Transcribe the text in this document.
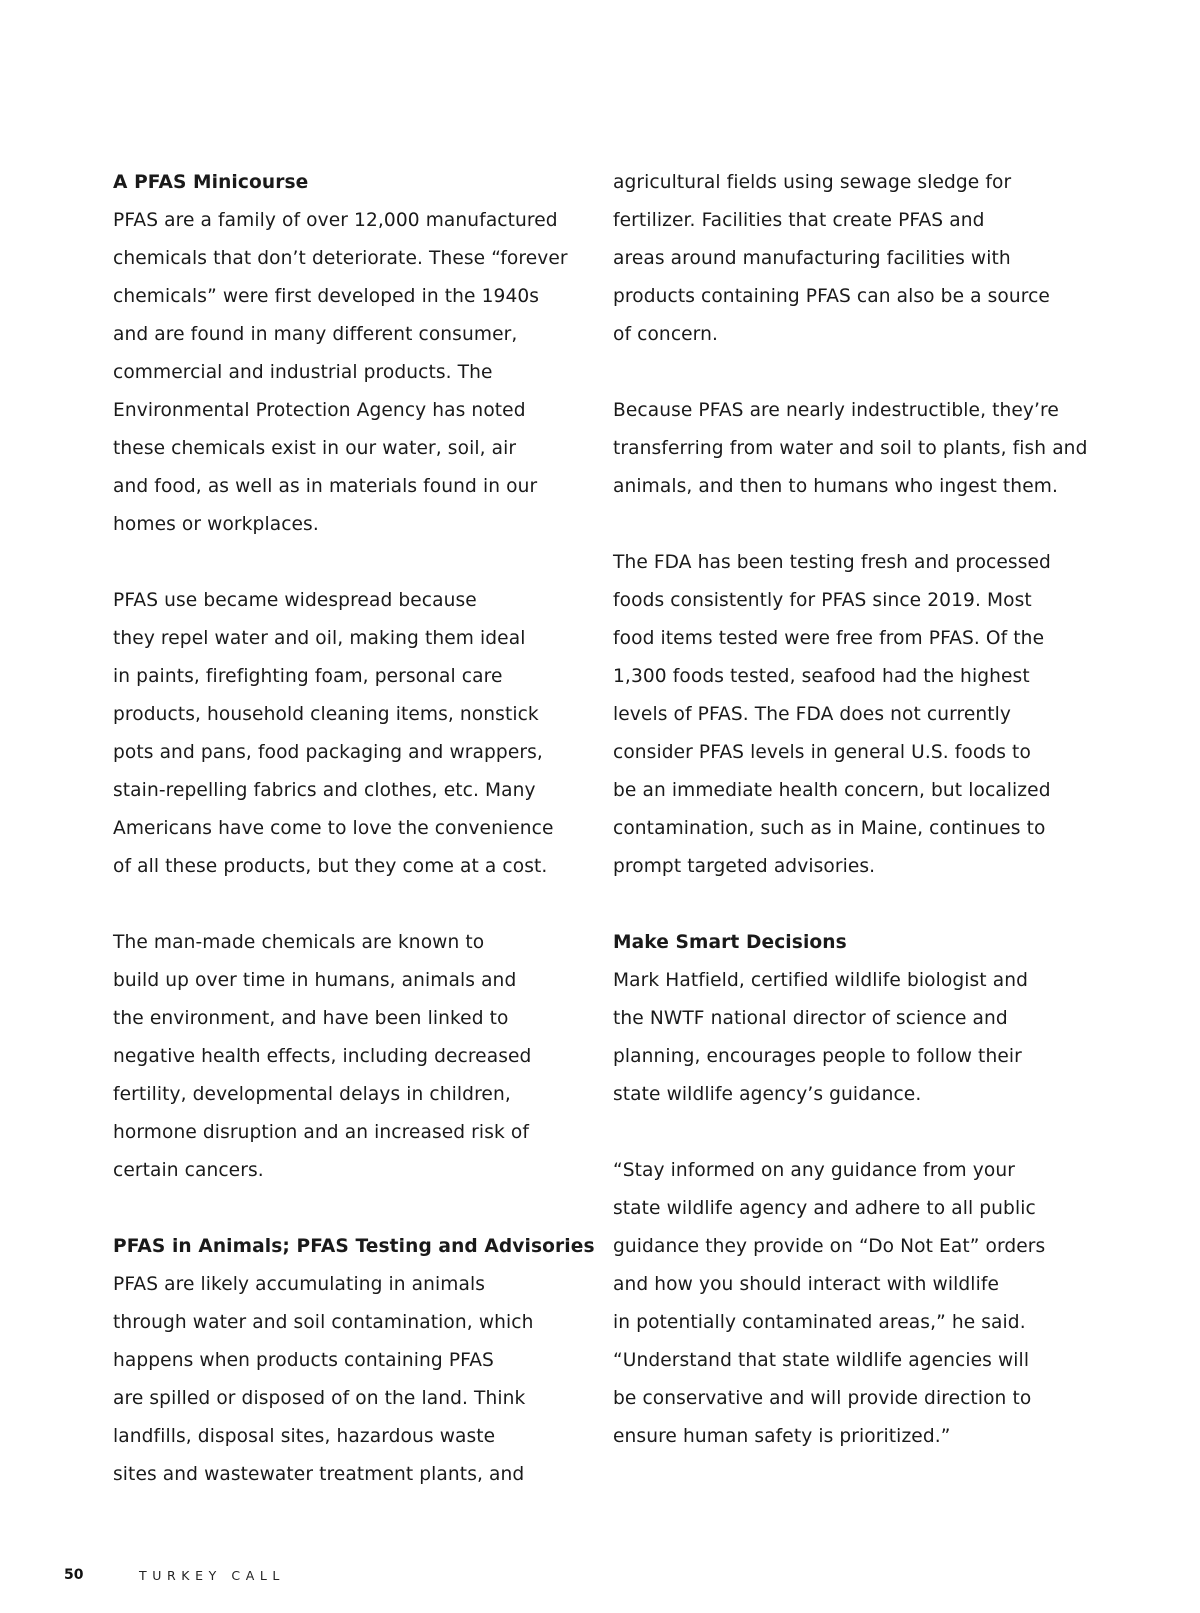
A PFAS Minicourse
PFAS are a family of over 12,000 manufactured
chemicals that don’t deteriorate. These “forever
chemicals” were first developed in the 1940s
and are found in many different consumer,
commercial and industrial products. The
Environmental Protection Agency has noted
these chemicals exist in our water, soil, air
and food, as well as in materials found in our
homes or workplaces.
PFAS use became widespread because
they repel water and oil, making them ideal
in paints, firefighting foam, personal care
products, household cleaning items, nonstick
pots and pans, food packaging and wrappers,
stain-repelling fabrics and clothes, etc. Many
Americans have come to love the convenience
of all these products, but they come at a cost.
The man-made chemicals are known to
build up over time in humans, animals and
the environment, and have been linked to
negative health effects, including decreased
fertility, developmental delays in children,
hormone disruption and an increased risk of
certain cancers.
PFAS in Animals; PFAS Testing and Advisories
PFAS are likely accumulating in animals
through water and soil contamination, which
happens when products containing PFAS
are spilled or disposed of on the land. Think
landfills, disposal sites, hazardous waste
sites and wastewater treatment plants, and
agricultural fields using sewage sledge for
fertilizer. Facilities that create PFAS and
areas around manufacturing facilities with
products containing PFAS can also be a source
of concern.
Because PFAS are nearly indestructible, they’re
transferring from water and soil to plants, fish and
animals, and then to humans who ingest them.
The FDA has been testing fresh and processed
foods consistently for PFAS since 2019. Most
food items tested were free from PFAS. Of the
1,300 foods tested, seafood had the highest
levels of PFAS. The FDA does not currently
consider PFAS levels in general U.S. foods to
be an immediate health concern, but localized
contamination, such as in Maine, continues to
prompt targeted advisories.
Make Smart Decisions
Mark Hatfield, certified wildlife biologist and
the NWTF national director of science and
planning, encourages people to follow their
state wildlife agency’s guidance.
“Stay informed on any guidance from your
state wildlife agency and adhere to all public
guidance they provide on “Do Not Eat” orders
and how you should interact with wildlife
in potentially contaminated areas,” he said.
“Understand that state wildlife agencies will
be conservative and will provide direction to
ensure human safety is prioritized.”
50	TURKEY CALL
